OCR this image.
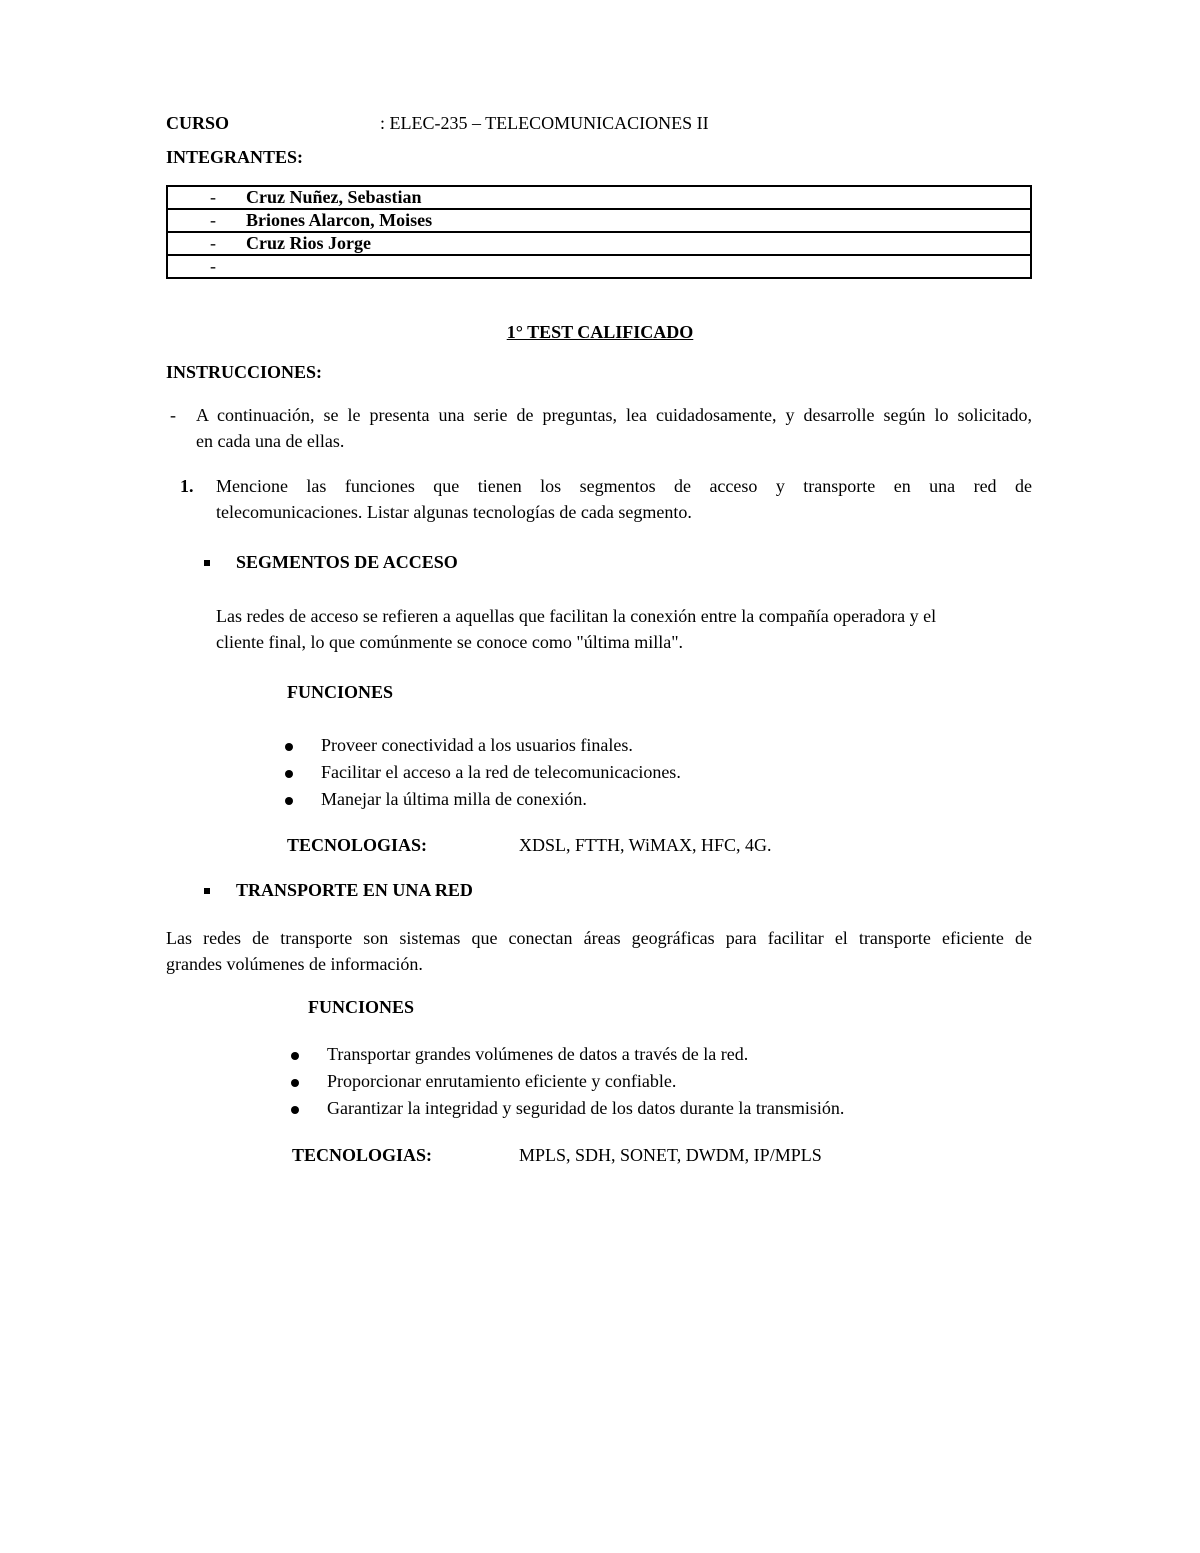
CURSO	: ELEC-235 – TELECOMUNICACIONES II
INTEGRANTES:
- Cruz Nuñez, Sebastian
- Briones Alarcon, Moises
- Cruz Rios Jorge
-
1° TEST CALIFICADO
INSTRUCCIONES:
- A continuación, se le presenta una serie de preguntas, lea cuidadosamente, y desarrolle según lo solicitado,
en cada una de ellas.
1. Mencione las funciones que tienen los segmentos de acceso y transporte en una red de
telecomunicaciones. Listar algunas tecnologías de cada segmento.
SEGMENTOS DE ACCESO
Las redes de acceso se refieren a aquellas que facilitan la conexión entre la compañía operadora y el
cliente final, lo que comúnmente se conoce como "última milla".
FUNCIONES
Proveer conectividad a los usuarios finales.
Facilitar el acceso a la red de telecomunicaciones.
Manejar la última milla de conexión.
TECNOLOGIAS:	XDSL, FTTH, WiMAX, HFC, 4G.
TRANSPORTE EN UNA RED
Las redes de transporte son sistemas que conectan áreas geográficas para facilitar el transporte eficiente de
grandes volúmenes de información.
FUNCIONES
Transportar grandes volúmenes de datos a través de la red.
Proporcionar enrutamiento eficiente y confiable.
Garantizar la integridad y seguridad de los datos durante la transmisión.
TECNOLOGIAS:	MPLS, SDH, SONET, DWDM, IP/MPLS
